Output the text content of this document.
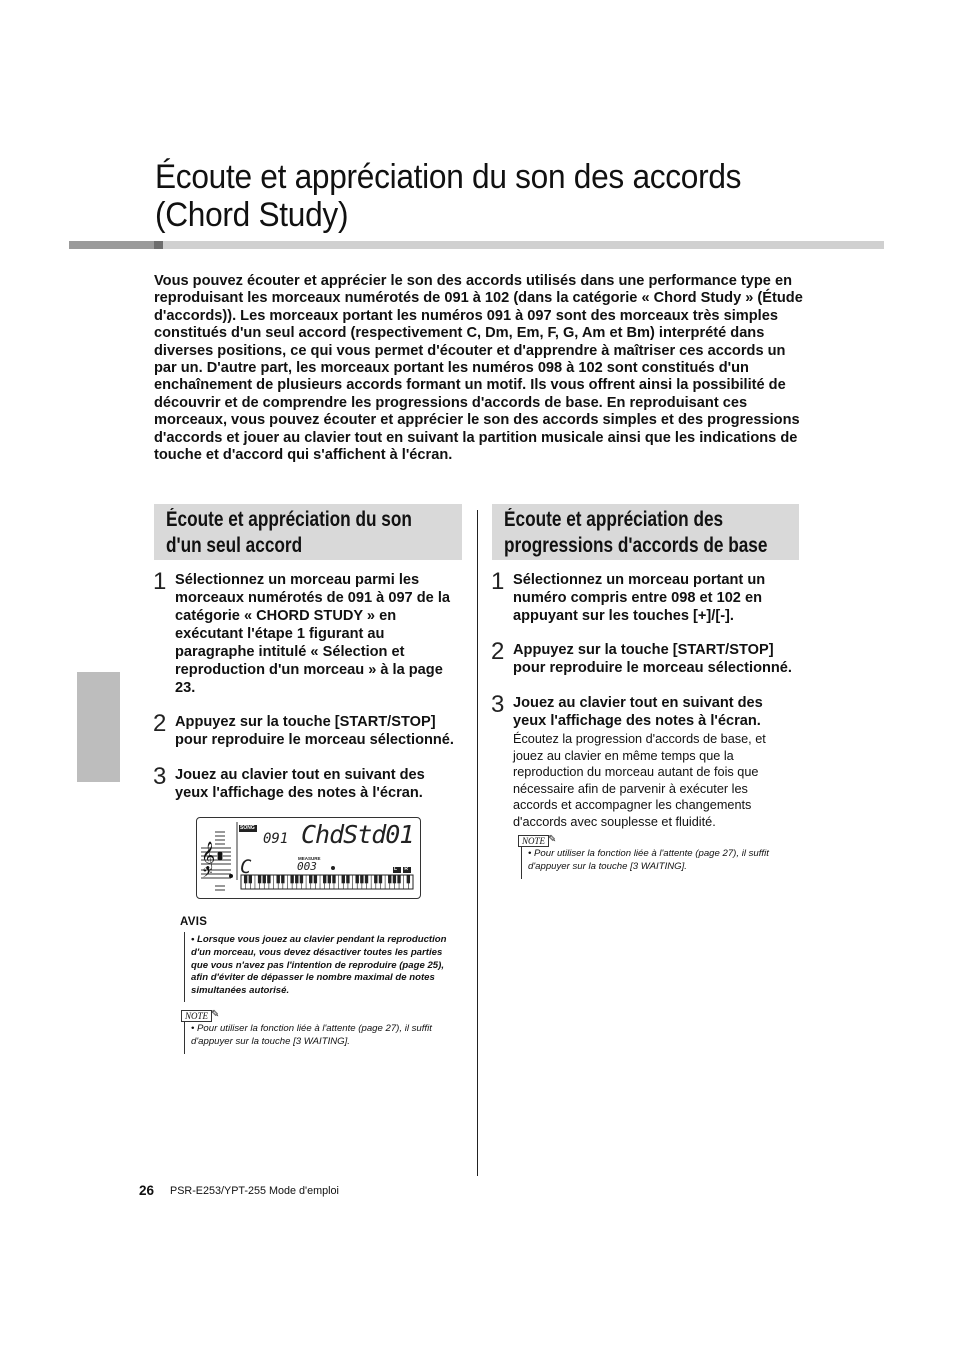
Écoute et appréciation du son des accords
(Chord Study)

Vous pouvez écouter et apprécier le son des accords utilisés dans une performance type en reproduisant les morceaux numérotés de 091 à 102 (dans la catégorie « Chord Study » (Étude d'accords)). Les morceaux portant les numéros 091 à 097 sont des morceaux très simples constitués d'un seul accord (respectivement C, Dm, Em, F, G, Am et Bm) interprété dans diverses positions, ce qui vous permet d'écouter et d'apprendre à maîtriser ces accords un par un. D'autre part, les morceaux portant les numéros 098 à 102 sont constitués d'un enchaînement de plusieurs accords formant un motif. Ils vous offrent ainsi la possibilité de découvrir et de comprendre les progressions d'accords de base. En reproduisant ces morceaux, vous pouvez écouter et apprécier le son des accords simples et des progressions d'accords et jouer au clavier tout en suivant la partition musicale ainsi que les indications de touche et d'accord qui s'affichent à l'écran.

Écoute et appréciation du son
d'un seul accord
1 Sélectionnez un morceau parmi les morceaux numérotés de 091 à 097 de la catégorie « CHORD STUDY » en exécutant l'étape 1 figurant au paragraphe intitulé « Sélection et reproduction d'un morceau » à la page 23.
2 Appuyez sur la touche [START/STOP] pour reproduire le morceau sélectionné.
3 Jouez au clavier tout en suivant des yeux l'affichage des notes à l'écran.
𝄞
𝄢
SONG
091 ChdStd01
C	MEASURE
003	L R
AVIS
• Lorsque vous jouez au clavier pendant la reproduction d'un morceau, vous devez désactiver toutes les parties que vous n'avez pas l'intention de reproduire (page 25), afin d'éviter de dépasser le nombre maximal de notes simultanées autorisé.
NOTE ✎
• Pour utiliser la fonction liée à l'attente (page 27), il suffit d'appuyer sur la touche [3 WAITING].
Écoute et appréciation des
progressions d'accords de base
1 Sélectionnez un morceau portant un numéro compris entre 098 et 102 en appuyant sur les touches [+]/[-].
2 Appuyez sur la touche [START/STOP] pour reproduire le morceau sélectionné.
3 Jouez au clavier tout en suivant des yeux l'affichage des notes à l'écran.
Écoutez la progression d'accords de base, et jouez au clavier en même temps que la reproduction du morceau autant de fois que nécessaire afin de parvenir à exécuter les accords et accompagner les changements d'accords avec souplesse et fluidité.
NOTE ✎
• Pour utiliser la fonction liée à l'attente (page 27), il suffit d'appuyer sur la touche [3 WAITING].
26 PSR-E253/YPT-255 Mode d'emploi
